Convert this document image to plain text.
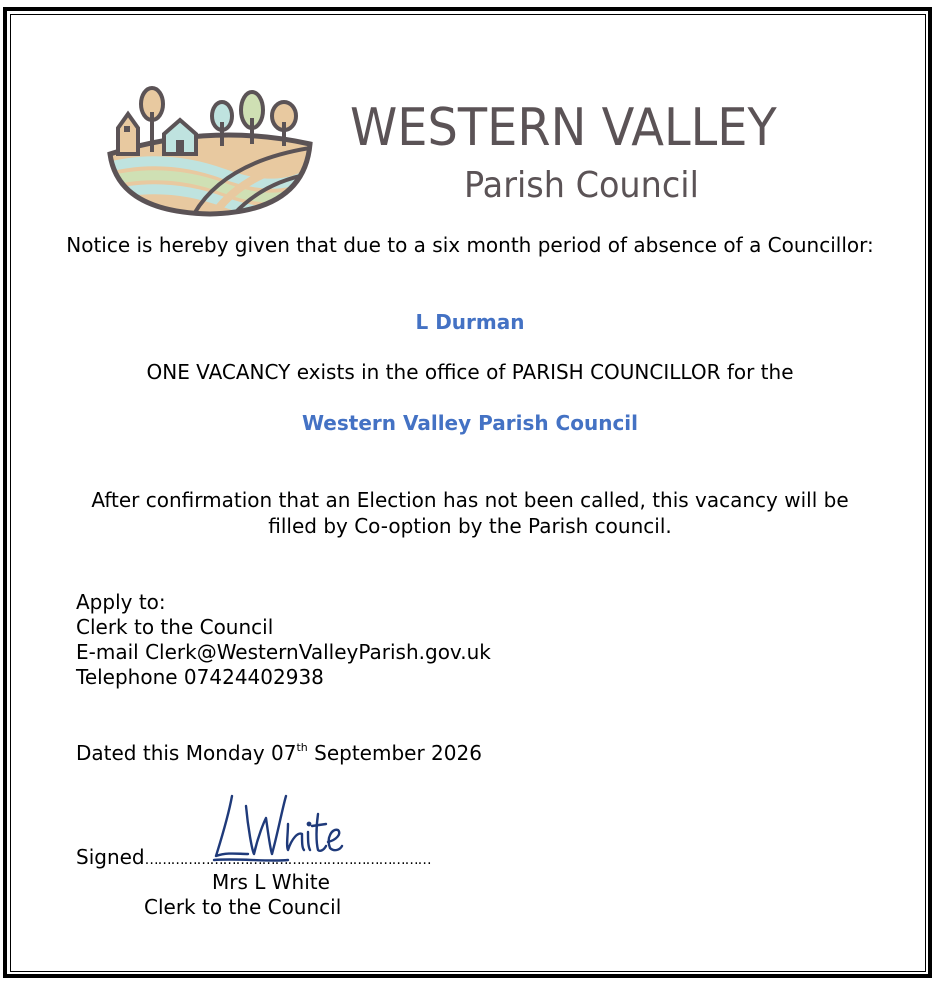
WESTERN VALLEY
Parish Council
Notice is hereby given that due to a six month period of absence of a Councillor:
L Durman
ONE VACANCY exists in the office of PARISH COUNCILLOR for the
Western Valley Parish Council
After confirmation that an Election has not been called, this vacancy will be filled by Co-option by the Parish council.
Apply to:
Clerk to the Council
E-mail Clerk@WesternValleyParish.gov.uk
Telephone 07424402938
Dated this Monday 07th September 2026
Signed…………………………………………………………
Mrs L White
Clerk to the Council
